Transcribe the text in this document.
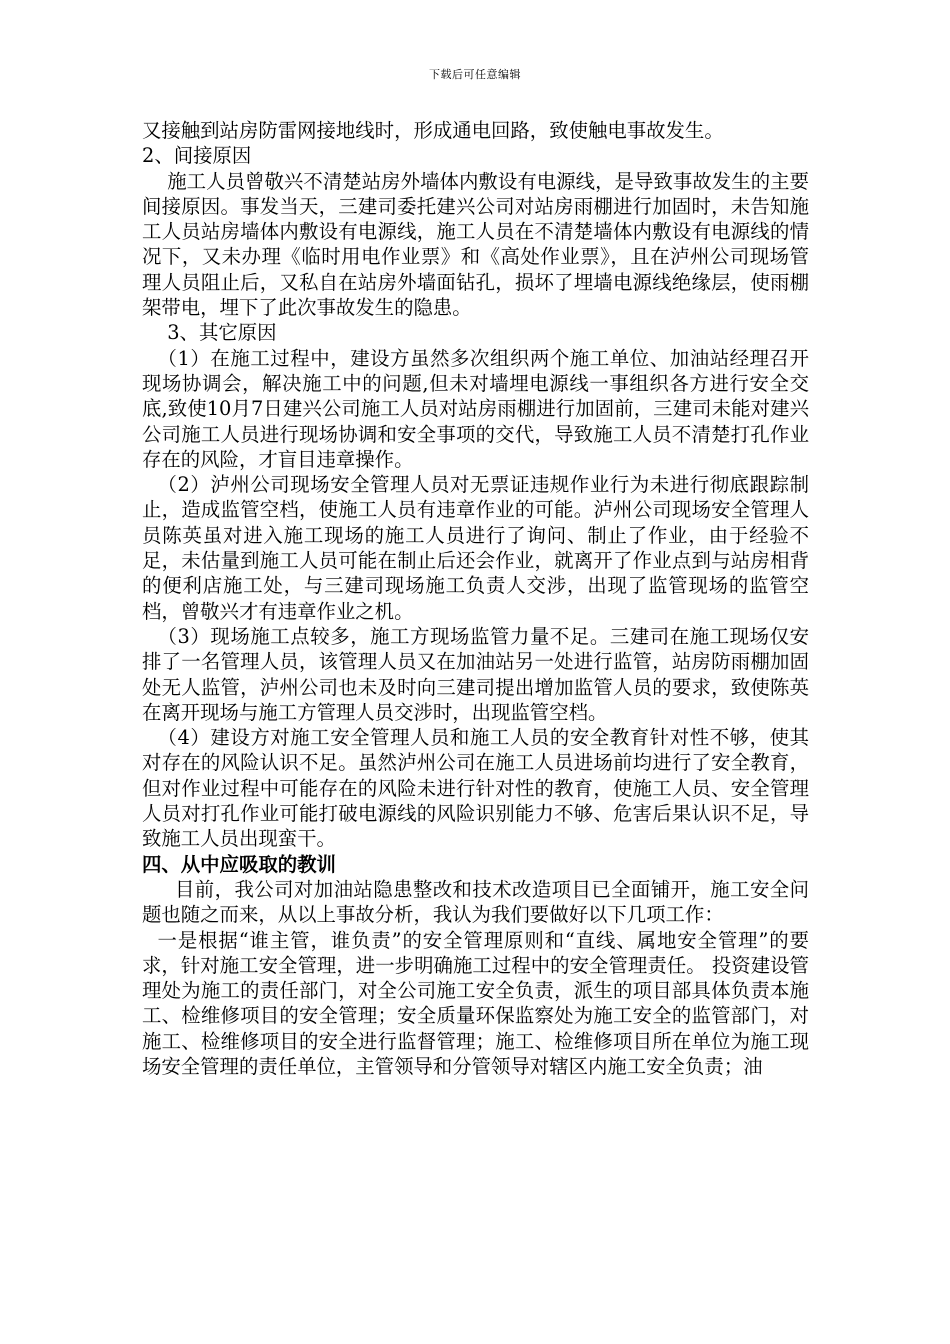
下载后可任意编辑

又接触到站房防雷网接地线时，形成通电回路，致使触电事故发生。

2、间接原因

施工人员曾敬兴不清楚站房外墙体内敷设有电源线，是导致事故发生的主要间接原因。事发当天，三建司委托建兴公司对站房雨棚进行加固时，未告知施工人员站房墙体内敷设有电源线，施工人员在不清楚墙体内敷设有电源线的情况下，又未办理《临时用电作业票》和《高处作业票》，且在泸州公司现场管理人员阻止后，又私自在站房外墙面钻孔，损坏了埋墙电源线绝缘层，使雨棚架带电，埋下了此次事故发生的隐患。

3、其它原因

（1）在施工过程中，建设方虽然多次组织两个施工单位、加油站经理召开现场协调会，解决施工中的问题,但未对墙埋电源线一事组织各方进行安全交底,致使10月7日建兴公司施工人员对站房雨棚进行加固前，三建司未能对建兴公司施工人员进行现场协调和安全事项的交代，导致施工人员不清楚打孔作业存在的风险，才盲目违章操作。

（2）泸州公司现场安全管理人员对无票证违规作业行为未进行彻底跟踪制止，造成监管空档，使施工人员有违章作业的可能。泸州公司现场安全管理人员陈英虽对进入施工现场的施工人员进行了询问、制止了作业，由于经验不足，未估量到施工人员可能在制止后还会作业，就离开了作业点到与站房相背的便利店施工处，与三建司现场施工负责人交涉，出现了监管现场的监管空档，曾敬兴才有违章作业之机。

（3）现场施工点较多，施工方现场监管力量不足。三建司在施工现场仅安排了一名管理人员，该管理人员又在加油站另一处进行监管，站房防雨棚加固处无人监管，泸州公司也未及时向三建司提出增加监管人员的要求，致使陈英在离开现场与施工方管理人员交涉时，出现监管空档。

（4）建设方对施工安全管理人员和施工人员的安全教育针对性不够，使其对存在的风险认识不足。虽然泸州公司在施工人员进场前均进行了安全教育，但对作业过程中可能存在的风险未进行针对性的教育，使施工人员、安全管理人员对打孔作业可能打破电源线的风险识别能力不够、危害后果认识不足，导致施工人员出现蛮干。

四、从中应吸取的教训

目前，我公司对加油站隐患整改和技术改造项目已全面铺开，施工安全问题也随之而来，从以上事故分析，我认为我们要做好以下几项工作：

一是根据“谁主管，谁负责”的安全管理原则和“直线、属地安全管理”的要求，针对施工安全管理，进一步明确施工过程中的安全管理责任。 投资建设管理处为施工的责任部门，对全公司施工安全负责，派生的项目部具体负责本施工、检维修项目的安全管理；安全质量环保监察处为施工安全的监管部门，对施工、检维修项目的安全进行监督管理；施工、检维修项目所在单位为施工现场安全管理的责任单位，主管领导和分管领导对辖区内施工安全负责；油
